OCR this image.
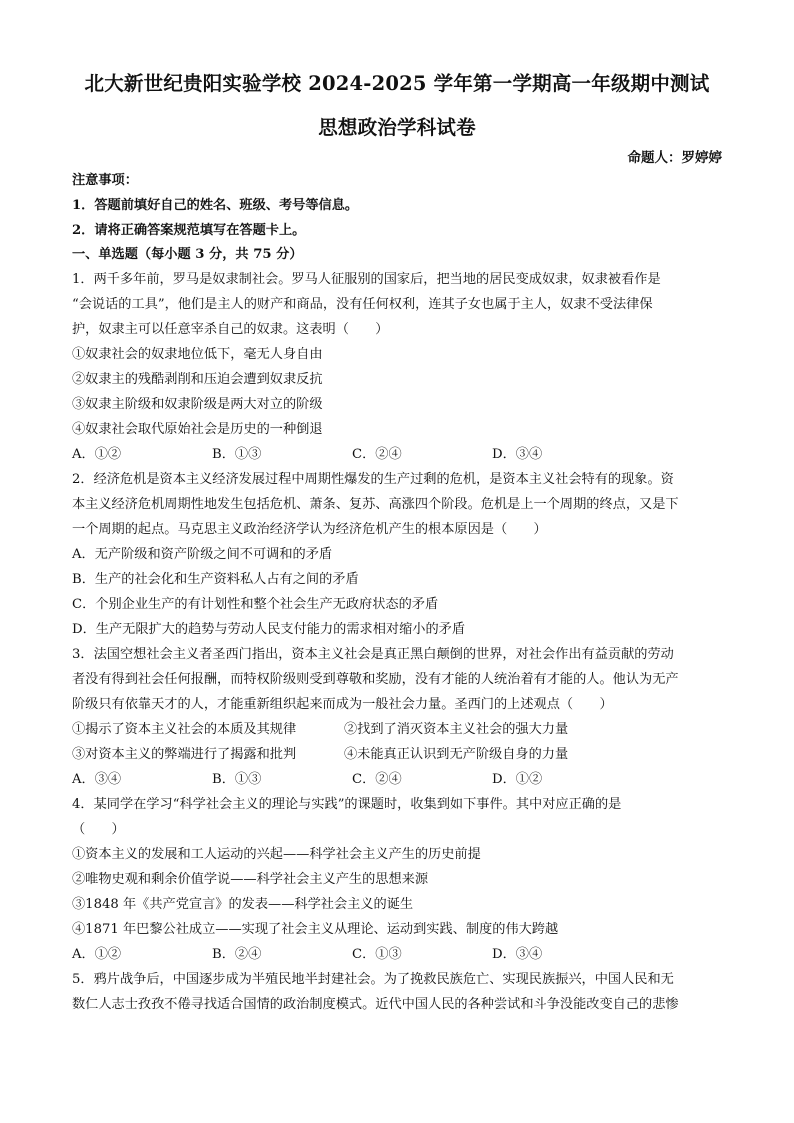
北大新世纪贵阳实验学校 2024-2025 学年第一学期高一年级期中测试
思想政治学科试卷
命题人：罗婷婷
注意事项：
1．答题前填好自己的姓名、班级、考号等信息。
2．请将正确答案规范填写在答题卡上。
一、单选题（每小题 3 分，共 75 分）
1．两千多年前，罗马是奴隶制社会。罗马人征服别的国家后，把当地的居民变成奴隶，奴隶被看作是
“会说话的工具”，他们是主人的财产和商品，没有任何权利，连其子女也属于主人，奴隶不受法律保
护，奴隶主可以任意宰杀自己的奴隶。这表明（　　）
①奴隶社会的奴隶地位低下，毫无人身自由
②奴隶主的残酷剥削和压迫会遭到奴隶反抗
③奴隶主阶级和奴隶阶级是两大对立的阶级
④奴隶社会取代原始社会是历史的一种倒退
A．①②	B．①③	C．②④	D．③④
2．经济危机是资本主义经济发展过程中周期性爆发的生产过剩的危机，是资本主义社会特有的现象。资
本主义经济危机周期性地发生包括危机、萧条、复苏、高涨四个阶段。危机是上一个周期的终点，又是下
一个周期的起点。马克思主义政治经济学认为经济危机产生的根本原因是（　　）
A．无产阶级和资产阶级之间不可调和的矛盾
B．生产的社会化和生产资料私人占有之间的矛盾
C．个别企业生产的有计划性和整个社会生产无政府状态的矛盾
D．生产无限扩大的趋势与劳动人民支付能力的需求相对缩小的矛盾
3．法国空想社会主义者圣西门指出，资本主义社会是真正黑白颠倒的世界，对社会作出有益贡献的劳动
者没有得到社会任何报酬，而特权阶级则受到尊敬和奖励，没有才能的人统治着有才能的人。他认为无产
阶级只有依靠天才的人，才能重新组织起来而成为一般社会力量。圣西门的上述观点（　　）
①揭示了资本主义社会的本质及其规律	②找到了消灭资本主义社会的强大力量
③对资本主义的弊端进行了揭露和批判	④未能真正认识到无产阶级自身的力量
A．③④	B．①③	C．②④	D．①②
4．某同学在学习“科学社会主义的理论与实践”的课题时，收集到如下事件。其中对应正确的是
（　　）
①资本主义的发展和工人运动的兴起——科学社会主义产生的历史前提
②唯物史观和剩余价值学说——科学社会主义产生的思想来源
③1848 年《共产党宣言》的发表——科学社会主义的诞生
④1871 年巴黎公社成立——实现了社会主义从理论、运动到实践、制度的伟大跨越
A．①②	B．②④	C．①③	D．③④
5．鸦片战争后，中国逐步成为半殖民地半封建社会。为了挽救民族危亡、实现民族振兴，中国人民和无
数仁人志士孜孜不倦寻找适合国情的政治制度模式。近代中国人民的各种尝试和斗争没能改变自己的悲惨
